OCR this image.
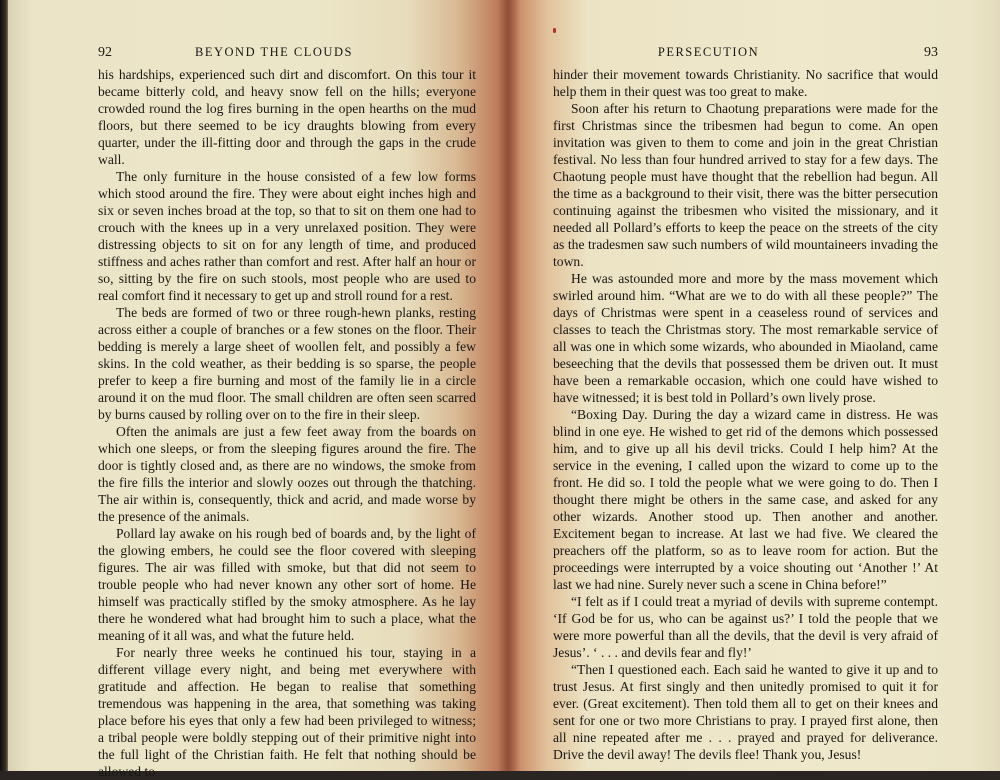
92	BEYOND THE CLOUDS

his hardships, experienced such dirt and discomfort. On this tour it became bitterly cold, and heavy snow fell on the hills; everyone crowded round the log fires burning in the open hearths on the mud floors, but there seemed to be icy draughts blowing from every quarter, under the ill-fitting door and through the gaps in the crude wall.

The only furniture in the house consisted of a few low forms which stood around the fire. They were about eight inches high and six or seven inches broad at the top, so that to sit on them one had to crouch with the knees up in a very unrelaxed position. They were distressing objects to sit on for any length of time, and produced stiffness and aches rather than comfort and rest. After half an hour or so, sitting by the fire on such stools, most people who are used to real comfort find it necessary to get up and stroll round for a rest.

The beds are formed of two or three rough-hewn planks, resting across either a couple of branches or a few stones on the floor. Their bedding is merely a large sheet of woollen felt, and possibly a few skins. In the cold weather, as their bedding is so sparse, the people prefer to keep a fire burning and most of the family lie in a circle around it on the mud floor. The small children are often seen scarred by burns caused by rolling over on to the fire in their sleep.

Often the animals are just a few feet away from the boards on which one sleeps, or from the sleeping figures around the fire. The door is tightly closed and, as there are no windows, the smoke from the fire fills the interior and slowly oozes out through the thatching. The air within is, consequently, thick and acrid, and made worse by the presence of the animals.

Pollard lay awake on his rough bed of boards and, by the light of the glowing embers, he could see the floor covered with sleeping figures. The air was filled with smoke, but that did not seem to trouble people who had never known any other sort of home. He himself was practically stifled by the smoky atmosphere. As he lay there he wondered what had brought him to such a place, what the meaning of it all was, and what the future held.

For nearly three weeks he continued his tour, staying in a different village every night, and being met everywhere with gratitude and affection. He began to realise that something tremendous was happening in the area, that something was taking place before his eyes that only a few had been privileged to witness; a tribal people were boldly stepping out of their primitive night into the full light of the Christian faith. He felt that nothing should be allowed to

PERSECUTION	93

hinder their movement towards Christianity. No sacrifice that would help them in their quest was too great to make.

Soon after his return to Chaotung preparations were made for the first Christmas since the tribesmen had begun to come. An open invitation was given to them to come and join in the great Christian festival. No less than four hundred arrived to stay for a few days. The Chaotung people must have thought that the rebellion had begun. All the time as a background to their visit, there was the bitter persecution continuing against the tribesmen who visited the missionary, and it needed all Pollard’s efforts to keep the peace on the streets of the city as the tradesmen saw such numbers of wild mountaineers invading the town.

He was astounded more and more by the mass movement which swirled around him. “What are we to do with all these people?” The days of Christmas were spent in a ceaseless round of services and classes to teach the Christmas story. The most remarkable service of all was one in which some wizards, who abounded in Miaoland, came beseeching that the devils that possessed them be driven out. It must have been a remarkable occasion, which one could have wished to have witnessed; it is best told in Pollard’s own lively prose.

“Boxing Day. During the day a wizard came in distress. He was blind in one eye. He wished to get rid of the demons which possessed him, and to give up all his devil tricks. Could I help him? At the service in the evening, I called upon the wizard to come up to the front. He did so. I told the people what we were going to do. Then I thought there might be others in the same case, and asked for any other wizards. Another stood up. Then another and another. Excitement began to increase. At last we had five. We cleared the preachers off the platform, so as to leave room for action. But the proceedings were interrupted by a voice shouting out ‘Another !’ At last we had nine. Surely never such a scene in China before!”

“I felt as if I could treat a myriad of devils with supreme contempt. ‘If God be for us, who can be against us?’ I told the people that we were more powerful than all the devils, that the devil is very afraid of Jesus’. ‘ . . . and devils fear and fly!’

“Then I questioned each. Each said he wanted to give it up and to trust Jesus. At first singly and then unitedly promised to quit it for ever. (Great excitement). Then told them all to get on their knees and sent for one or two more Christians to pray. I prayed first alone, then all nine repeated after me . . . prayed and prayed for deliverance. Drive the devil away! The devils flee! Thank you, Jesus!
